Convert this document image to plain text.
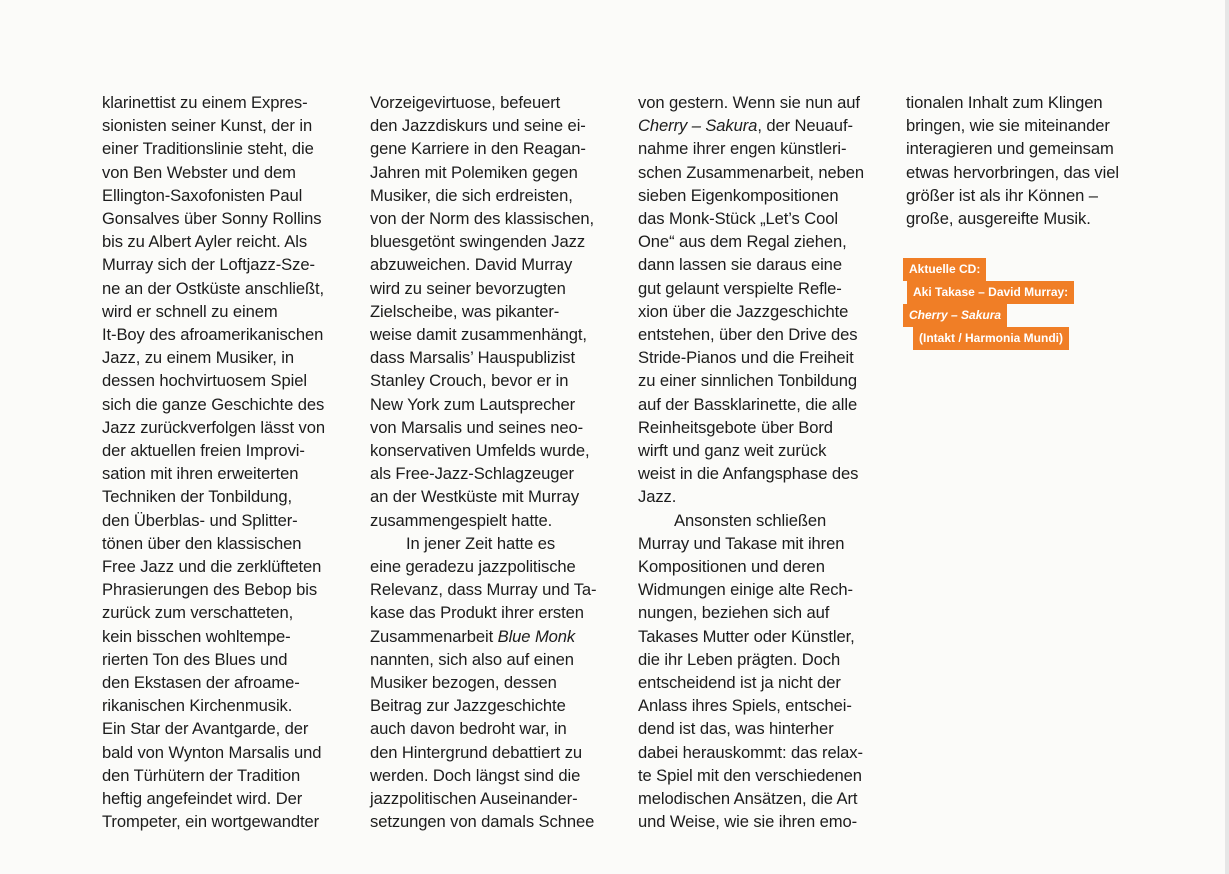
klarinettist zu einem Expres-
sionisten seiner Kunst, der in
einer Traditionslinie steht, die
von Ben Webster und dem
Ellington-Saxofonisten Paul
Gonsalves über Sonny Rollins
bis zu Albert Ayler reicht. Als
Murray sich der Loftjazz-Sze-
ne an der Ostküste anschließt,
wird er schnell zu einem
It-Boy des afroamerikanischen
Jazz, zu einem Musiker, in
dessen hochvirtuosem Spiel
sich die ganze Geschichte des
Jazz zurückverfolgen lässt von
der aktuellen freien Improvi-
sation mit ihren erweiterten
Techniken der Tonbildung,
den Überblas- und Splitter-
tönen über den klassischen
Free Jazz und die zerklüfteten
Phrasierungen des Bebop bis
zurück zum verschatteten,
kein bisschen wohltempe-
rierten Ton des Blues und
den Ekstasen der afroame-
rikanischen Kirchenmusik.
Ein Star der Avantgarde, der
bald von Wynton Marsalis und
den Türhütern der Tradition
heftig angefeindet wird. Der
Trompeter, ein wortgewandter
Vorzeigevirtuose, befeuert
den Jazzdiskurs und seine ei-
gene Karriere in den Reagan-
Jahren mit Polemiken gegen
Musiker, die sich erdreisten,
von der Norm des klassischen,
bluesgetönt swingenden Jazz
abzuweichen. David Murray
wird zu seiner bevorzugten
Zielscheibe, was pikanter-
weise damit zusammenhängt,
dass Marsalis’ Hauspublizist
Stanley Crouch, bevor er in
New York zum Lautsprecher
von Marsalis und seines neo-
konservativen Umfelds wurde,
als Free-Jazz-Schlagzeuger
an der Westküste mit Murray
zusammengespielt hatte.
In jener Zeit hatte es
eine geradezu jazzpolitische
Relevanz, dass Murray und Ta-
kase das Produkt ihrer ersten
Zusammenarbeit Blue Monk
nannten, sich also auf einen
Musiker bezogen, dessen
Beitrag zur Jazzgeschichte
auch davon bedroht war, in
den Hintergrund debattiert zu
werden. Doch längst sind die
jazzpolitischen Auseinander-
setzungen von damals Schnee
von gestern. Wenn sie nun auf
Cherry – Sakura, der Neuauf-
nahme ihrer engen künstleri-
schen Zusammenarbeit, neben
sieben Eigenkompositionen
das Monk-Stück „Let’s Cool
One“ aus dem Regal ziehen,
dann lassen sie daraus eine
gut gelaunt verspielte Refle-
xion über die Jazzgeschichte
entstehen, über den Drive des
Stride-Pianos und die Freiheit
zu einer sinnlichen Tonbildung
auf der Bassklarinette, die alle
Reinheitsgebote über Bord
wirft und ganz weit zurück
weist in die Anfangsphase des
Jazz.
Ansonsten schließen
Murray und Takase mit ihren
Kompositionen und deren
Widmungen einige alte Rech-
nungen, beziehen sich auf
Takases Mutter oder Künstler,
die ihr Leben prägten. Doch
entscheidend ist ja nicht der
Anlass ihres Spiels, entschei-
dend ist das, was hinterher
dabei herauskommt: das relax-
te Spiel mit den verschiedenen
melodischen Ansätzen, die Art
und Weise, wie sie ihren emo-
tionalen Inhalt zum Klingen
bringen, wie sie miteinander
interagieren und gemeinsam
etwas hervorbringen, das viel
größer ist als ihr Können –
große, ausgereifte Musik.
Aktuelle CD:
Aki Takase – David Murray:
Cherry – Sakura
(Intakt / Harmonia Mundi)
